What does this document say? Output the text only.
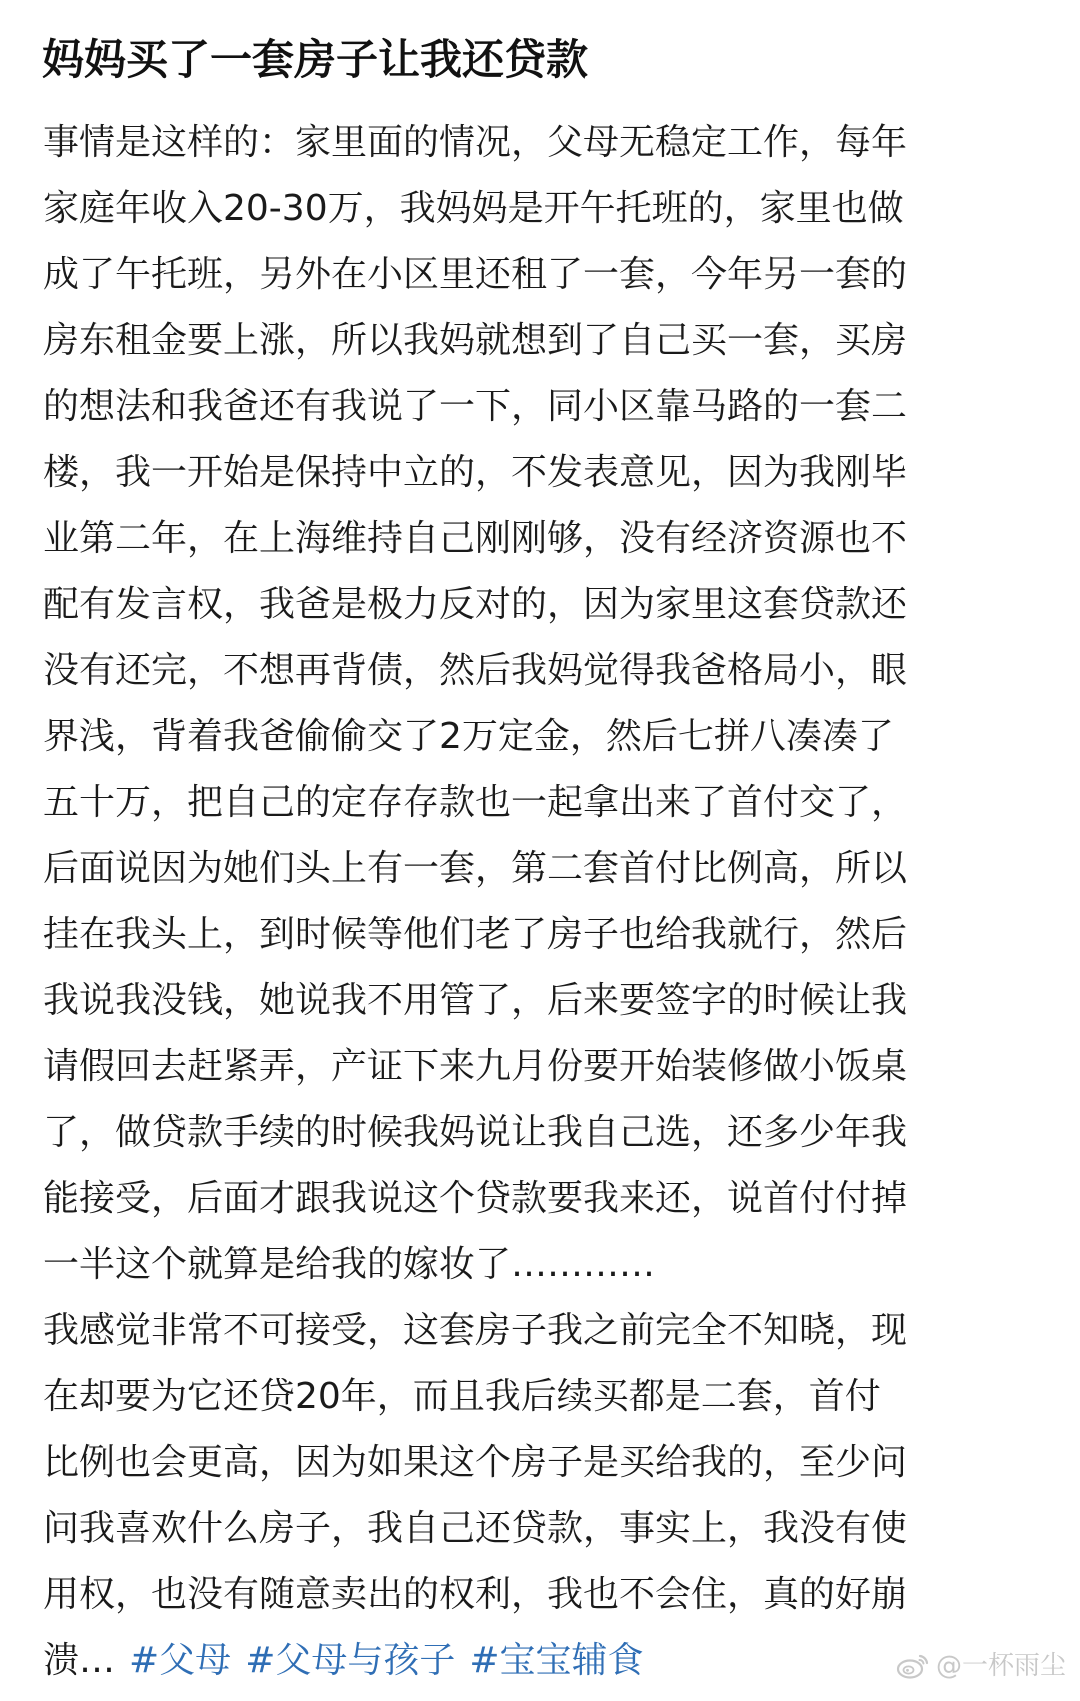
妈妈买了一套房子让我还贷款
事情是这样的：家里面的情况，父母无稳定工作，每年
家庭年收入20-30万，我妈妈是开午托班的，家里也做
成了午托班，另外在小区里还租了一套，今年另一套的
房东租金要上涨，所以我妈就想到了自己买一套，买房
的想法和我爸还有我说了一下，同小区靠马路的一套二
楼，我一开始是保持中立的，不发表意见，因为我刚毕
业第二年，在上海维持自己刚刚够，没有经济资源也不
配有发言权，我爸是极力反对的，因为家里这套贷款还
没有还完，不想再背债，然后我妈觉得我爸格局小，眼
界浅，背着我爸偷偷交了2万定金，然后七拼八凑凑了
五十万，把自己的定存存款也一起拿出来了首付交了，
后面说因为她们头上有一套，第二套首付比例高，所以
挂在我头上，到时候等他们老了房子也给我就行，然后
我说我没钱，她说我不用管了，后来要签字的时候让我
请假回去赶紧弄，产证下来九月份要开始装修做小饭桌
了，做贷款手续的时候我妈说让我自己选，还多少年我
能接受，后面才跟我说这个贷款要我来还，说首付付掉
一半这个就算是给我的嫁妆了…………
我感觉非常不可接受，这套房子我之前完全不知晓，现
在却要为它还贷20年，而且我后续买都是二套，首付
比例也会更高，因为如果这个房子是买给我的，至少问
问我喜欢什么房子，我自己还贷款，事实上，我没有使
用权，也没有随意卖出的权利，我也不会住，真的好崩
溃… #父母 #父母与孩子 #宝宝辅食	@一杯雨尘
